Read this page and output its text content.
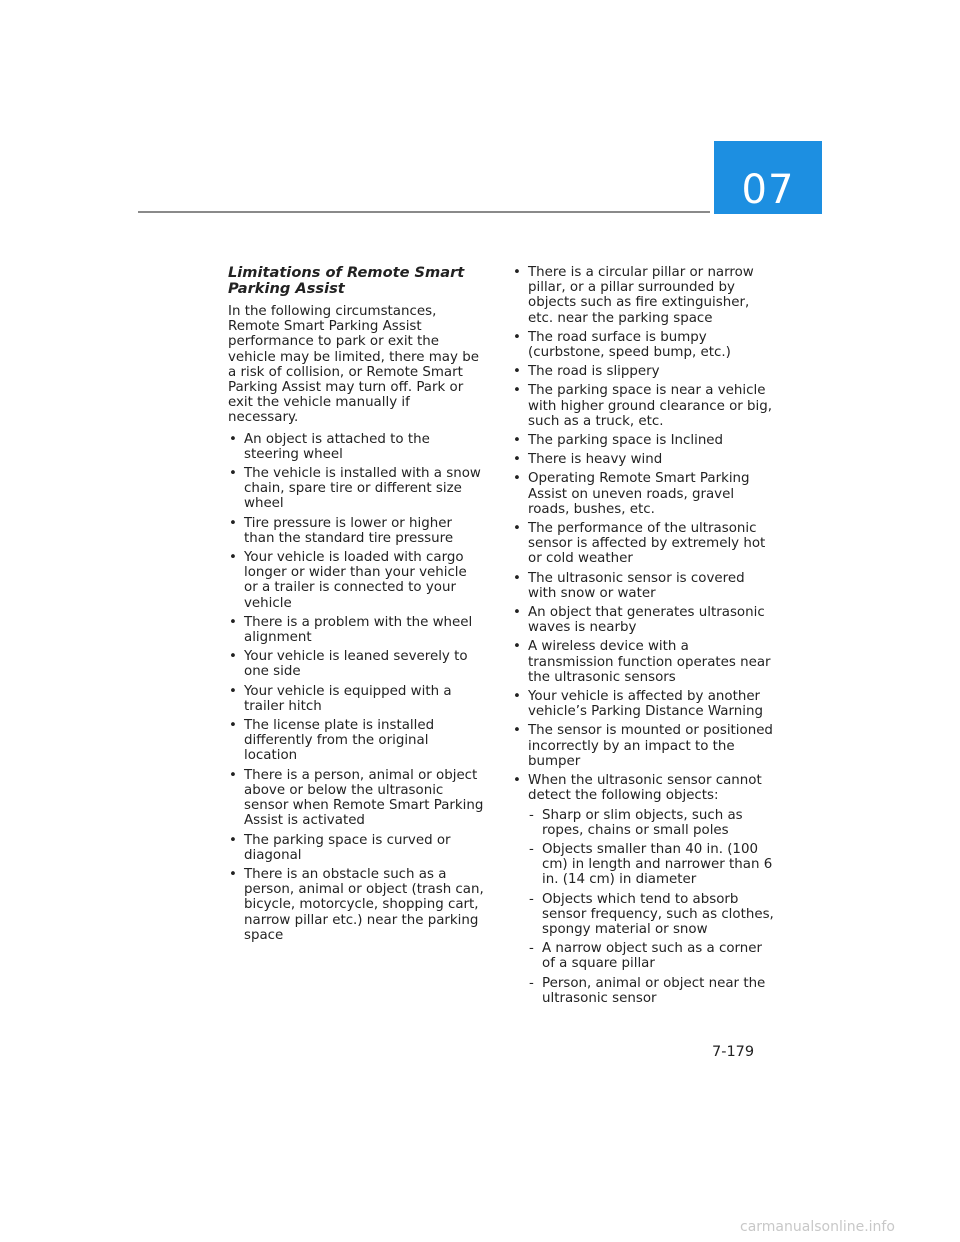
07
Limitations of Remote Smart Parking Assist

In the following circumstances, Remote Smart Parking Assist performance to park or exit the vehicle may be limited, there may be a risk of collision, or Remote Smart Parking Assist may turn off. Park or exit the vehicle manually if necessary.

• An object is attached to the steering wheel
• The vehicle is installed with a snow chain, spare tire or different size wheel
• Tire pressure is lower or higher than the standard tire pressure
• Your vehicle is loaded with cargo longer or wider than your vehicle or a trailer is connected to your vehicle
• There is a problem with the wheel alignment
• Your vehicle is leaned severely to one side
• Your vehicle is equipped with a trailer hitch
• The license plate is installed differently from the original location
• There is a person, animal or object above or below the ultrasonic sensor when Remote Smart Parking Assist is activated
• The parking space is curved or diagonal
• There is an obstacle such as a person, animal or object (trash can, bicycle, motorcycle, shopping cart, narrow pillar etc.) near the parking space
• There is a circular pillar or narrow pillar, or a pillar surrounded by objects such as fire extinguisher, etc. near the parking space
• The road surface is bumpy (curbstone, speed bump, etc.)
• The road is slippery
• The parking space is near a vehicle with higher ground clearance or big, such as a truck, etc.
• The parking space is Inclined
• There is heavy wind
• Operating Remote Smart Parking Assist on uneven roads, gravel roads, bushes, etc.
• The performance of the ultrasonic sensor is affected by extremely hot or cold weather
• The ultrasonic sensor is covered with snow or water
• An object that generates ultrasonic waves is nearby
• A wireless device with a transmission function operates near the ultrasonic sensors
• Your vehicle is affected by another vehicle’s Parking Distance Warning
• The sensor is mounted or positioned incorrectly by an impact to the bumper
• When the ultrasonic sensor cannot detect the following objects:
- Sharp or slim objects, such as ropes, chains or small poles
- Objects smaller than 40 in. (100 cm) in length and narrower than 6 in. (14 cm) in diameter
- Objects which tend to absorb sensor frequency, such as clothes, spongy material or snow
- A narrow object such as a corner of a square pillar
- Person, animal or object near the ultrasonic sensor
7-179
carmanualsonline.info
